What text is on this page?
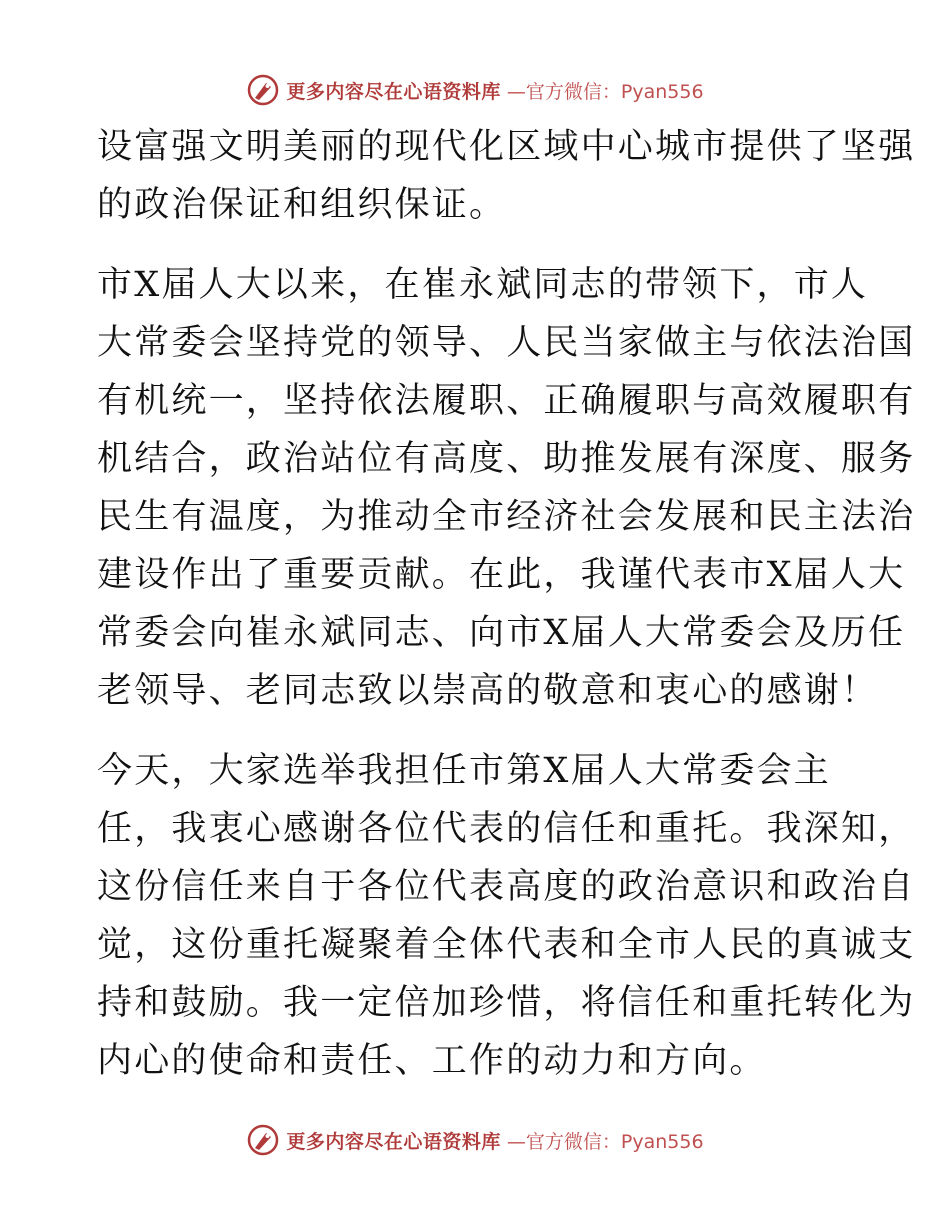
更多内容尽在心语资料库 —官方微信：Pyan556
设富强文明美丽的现代化区域中心城市提供了坚强
的政治保证和组织保证。
市X届人大以来，在崔永斌同志的带领下，市人
大常委会坚持党的领导、人民当家做主与依法治国
有机统一，坚持依法履职、正确履职与高效履职有
机结合，政治站位有高度、助推发展有深度、服务
民生有温度，为推动全市经济社会发展和民主法治
建设作出了重要贡献。在此，我谨代表市X届人大
常委会向崔永斌同志、向市X届人大常委会及历任
老领导、老同志致以崇高的敬意和衷心的感谢！
今天，大家选举我担任市第X届人大常委会主
任，我衷心感谢各位代表的信任和重托。我深知，
这份信任来自于各位代表高度的政治意识和政治自
觉，这份重托凝聚着全体代表和全市人民的真诚支
持和鼓励。我一定倍加珍惜，将信任和重托转化为
内心的使命和责任、工作的动力和方向。
更多内容尽在心语资料库 —官方微信：Pyan556
